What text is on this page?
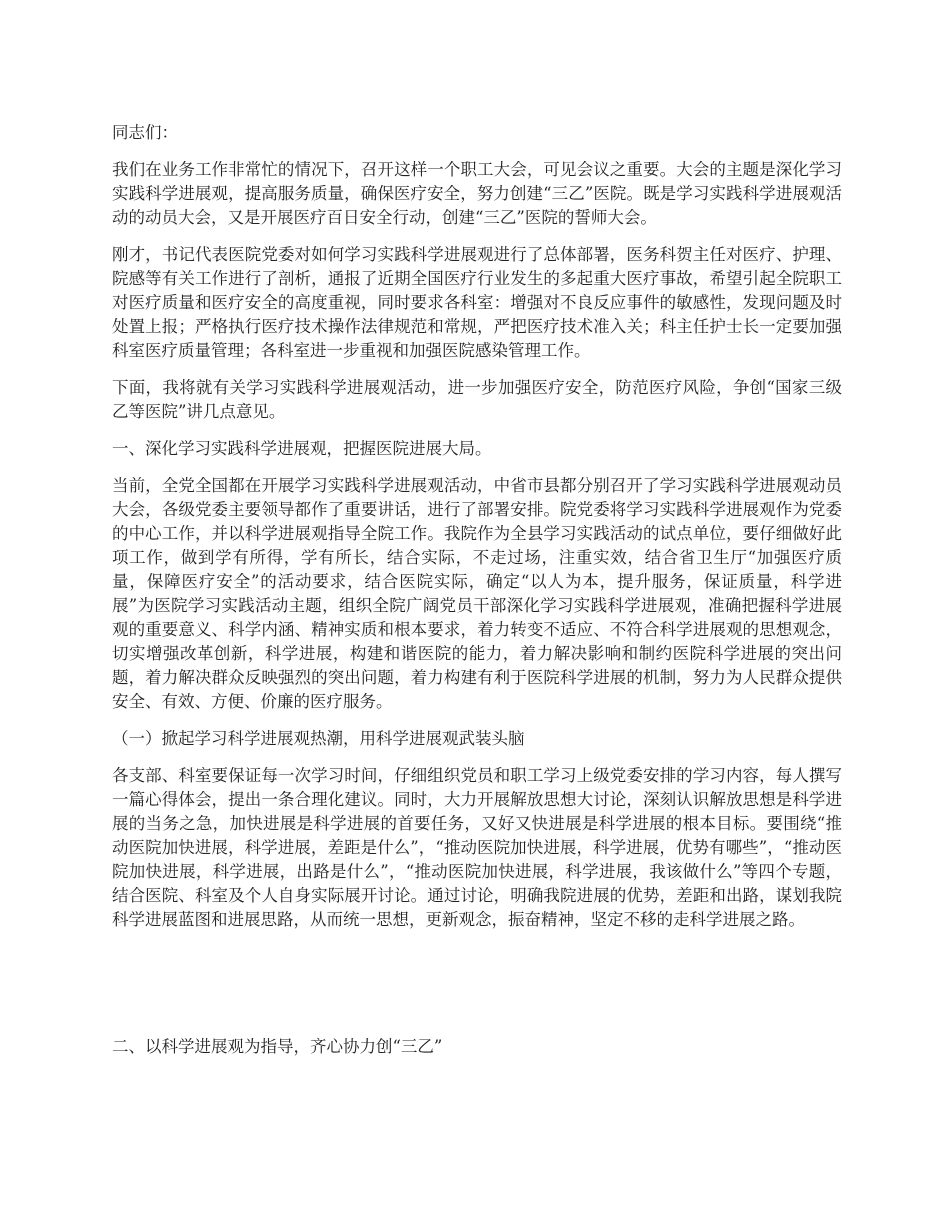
同志们：

我们在业务工作非常忙的情况下，召开这样一个职工大会，可见会议之重要。大会的主题是深化学习实践科学进展观，提高服务质量，确保医疗安全，努力创建“三乙”医院。既是学习实践科学进展观活动的动员大会，又是开展医疗百日安全行动，创建“三乙”医院的誓师大会。

刚才，书记代表医院党委对如何学习实践科学进展观进行了总体部署，医务科贺主任对医疗、护理、院感等有关工作进行了剖析，通报了近期全国医疗行业发生的多起重大医疗事故，希望引起全院职工对医疗质量和医疗安全的高度重视，同时要求各科室：增强对不良反应事件的敏感性，发现问题及时处置上报；严格执行医疗技术操作法律规范和常规，严把医疗技术准入关；科主任护士长一定要加强科室医疗质量管理；各科室进一步重视和加强医院感染管理工作。

下面，我将就有关学习实践科学进展观活动，进一步加强医疗安全，防范医疗风险，争创“国家三级乙等医院”讲几点意见。

一、深化学习实践科学进展观，把握医院进展大局。

当前，全党全国都在开展学习实践科学进展观活动，中省市县都分别召开了学习实践科学进展观动员大会，各级党委主要领导都作了重要讲话，进行了部署安排。院党委将学习实践科学进展观作为党委的中心工作，并以科学进展观指导全院工作。我院作为全县学习实践活动的试点单位，要仔细做好此项工作，做到学有所得，学有所长，结合实际，不走过场，注重实效，结合省卫生厅“加强医疗质量，保障医疗安全”的活动要求，结合医院实际，确定“以人为本，提升服务，保证质量，科学进展”为医院学习实践活动主题，组织全院广阔党员干部深化学习实践科学进展观，准确把握科学进展观的重要意义、科学内涵、精神实质和根本要求，着力转变不适应、不符合科学进展观的思想观念，切实增强改革创新，科学进展，构建和谐医院的能力，着力解决影响和制约医院科学进展的突出问题，着力解决群众反映强烈的突出问题，着力构建有利于医院科学进展的机制，努力为人民群众提供安全、有效、方便、价廉的医疗服务。

（一）掀起学习科学进展观热潮，用科学进展观武装头脑

各支部、科室要保证每一次学习时间，仔细组织党员和职工学习上级党委安排的学习内容，每人撰写一篇心得体会，提出一条合理化建议。同时，大力开展解放思想大讨论，深刻认识解放思想是科学进展的当务之急，加快进展是科学进展的首要任务，又好又快进展是科学进展的根本目标。要围绕“推动医院加快进展，科学进展，差距是什么”，“推动医院加快进展，科学进展，优势有哪些”，“推动医院加快进展，科学进展，出路是什么”，“推动医院加快进展，科学进展，我该做什么”等四个专题，结合医院、科室及个人自身实际展开讨论。通过讨论，明确我院进展的优势，差距和出路，谋划我院科学进展蓝图和进展思路，从而统一思想，更新观念，振奋精神，坚定不移的走科学进展之路。

二、以科学进展观为指导，齐心协力创“三乙”
